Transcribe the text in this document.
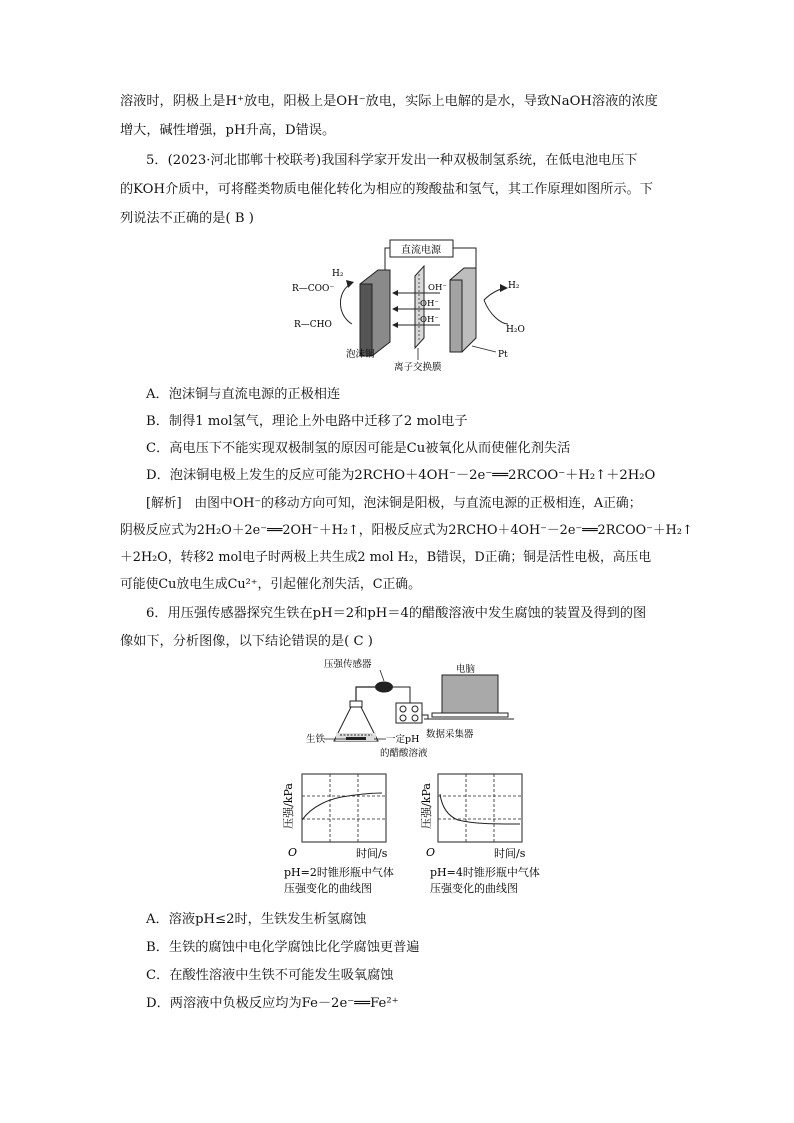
溶液时，阴极上是H⁺放电，阳极上是OH⁻放电，实际上电解的是水，导致NaOH溶液的浓度
增大，碱性增强，pH升高，D错误。
5．(2023·河北邯郸十校联考)我国科学家开发出一种双极制氢系统，在低电池电压下
的KOH介质中，可将醛类物质电催化转化为相应的羧酸盐和氢气，其工作原理如图所示。下
列说法不正确的是( B )
直流电源
OH⁻
OH⁻
OH⁻
H₂
R—COO⁻
R—CHO
H₂
H₂O
Pt
泡沫铜
离子交换膜
A．泡沫铜与直流电源的正极相连
B．制得1 mol氢气，理论上外电路中迁移了2 mol电子
C．高电压下不能实现双极制氢的原因可能是Cu被氧化从而使催化剂失活
D．泡沫铜电极上发生的反应可能为2RCHO＋4OH⁻－2e⁻══2RCOO⁻＋H₂↑＋2H₂O
[解析]　由图中OH⁻的移动方向可知，泡沫铜是阳极，与直流电源的正极相连，A正确；
阴极反应式为2H₂O＋2e⁻══2OH⁻＋H₂↑，阳极反应式为2RCHO＋4OH⁻－2e⁻══2RCOO⁻＋H₂↑
＋2H₂O，转移2 mol电子时两极上共生成2 mol H₂，B错误，D正确；铜是活性电极，高压电
可能使Cu放电生成Cu²⁺，引起催化剂失活，C正确。
6．用压强传感器探究生铁在pH＝2和pH＝4的醋酸溶液中发生腐蚀的装置及得到的图
像如下，分析图像，以下结论错误的是( C )
压强传感器
数据采集器
电脑
生铁	一定pH
的醋酸溶液
压强/kPa
O	时间/s
pH=2时锥形瓶中气体
压强变化的曲线图
压强/kPa
O	时间/s
pH=4时锥形瓶中气体
压强变化的曲线图
A．溶液pH≤2时，生铁发生析氢腐蚀
B．生铁的腐蚀中电化学腐蚀比化学腐蚀更普遍
C．在酸性溶液中生铁不可能发生吸氧腐蚀
D．两溶液中负极反应均为Fe－2e⁻══Fe²⁺
